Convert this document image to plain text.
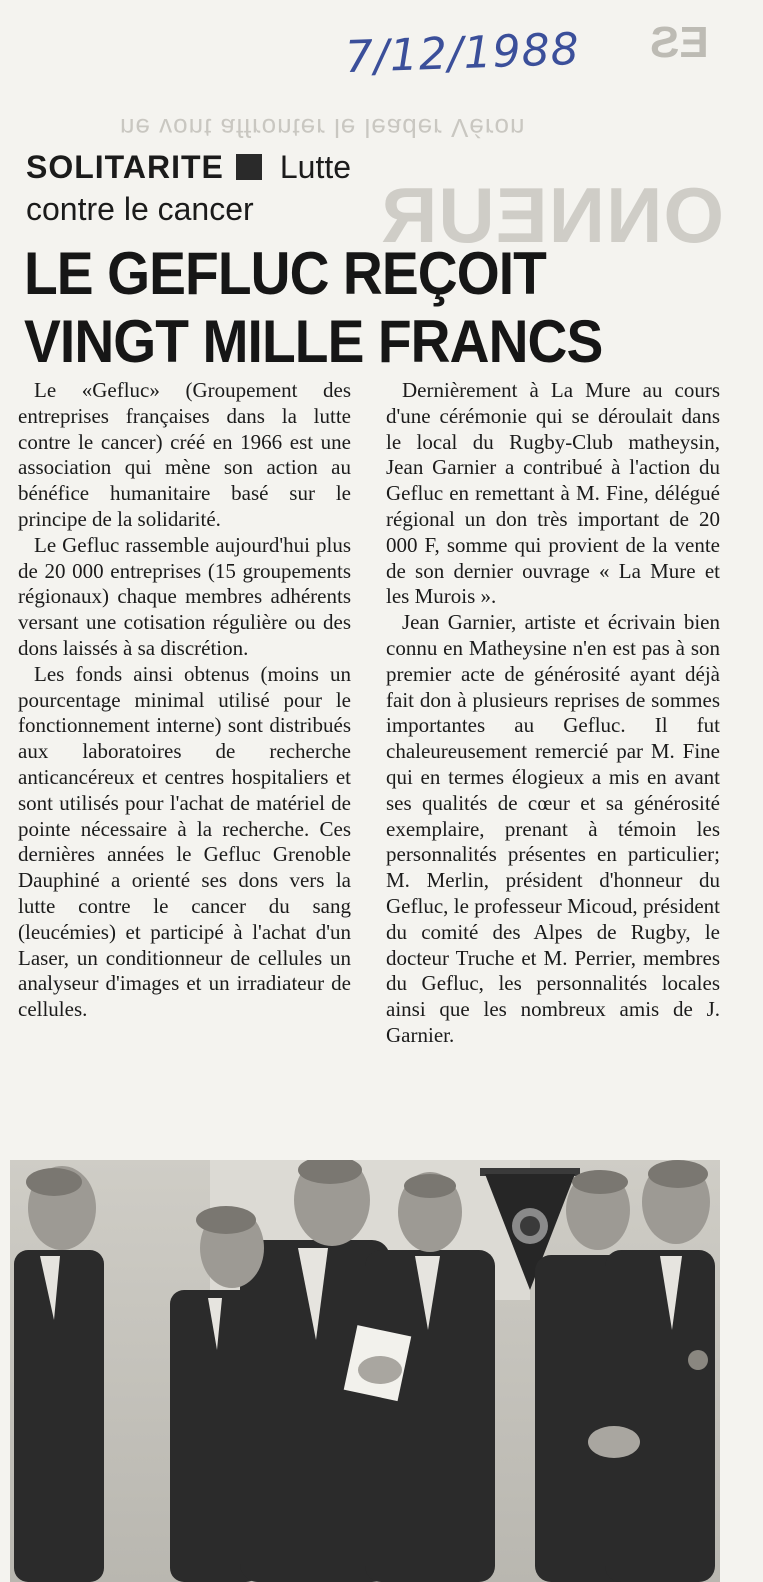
ne vont affronter le leader Véron
ONNEUR
ES
7/12/1988
SOLITARITE Lutte
contre le cancer
LE GEFLUC REÇOIT
VINGT MILLE FRANCS

Le «Gefluc» (Groupement des entreprises françaises dans la lutte contre le cancer) créé en 1966 est une association qui mène son action au bénéfice humanitaire basé sur le principe de la solidarité.

Le Gefluc rassemble aujourd'hui plus de 20 000 entreprises (15 groupements régionaux) chaque membres adhérents versant une cotisation régulière ou des dons laissés à sa discrétion.

Les fonds ainsi obtenus (moins un pourcentage minimal utilisé pour le fonctionnement interne) sont distribués aux laboratoires de recherche anticancéreux et centres hospitaliers et sont utilisés pour l'achat de matériel de pointe nécessaire à la recherche. Ces dernières années le Gefluc Grenoble Dauphiné a orienté ses dons vers la lutte contre le cancer du sang (leucémies) et participé à l'achat d'un Laser, un conditionneur de cellules un analyseur d'images et un irradiateur de cellules.

Dernièrement à La Mure au cours d'une cérémonie qui se déroulait dans le local du Rugby-Club matheysin, Jean Garnier a contribué à l'action du Gefluc en remettant à M. Fine, délégué régional un don très important de 20 000 F, somme qui provient de la vente de son dernier ouvrage « La Mure et les Murois ».

Jean Garnier, artiste et écrivain bien connu en Matheysine n'en est pas à son premier acte de générosité ayant déjà fait don à plusieurs reprises de sommes importantes au Gefluc. Il fut chaleureusement remercié par M. Fine qui en termes élogieux a mis en avant ses qualités de cœur et sa générosité exemplaire, prenant à témoin les personnalités présentes en particulier; M. Merlin, président d'honneur du Gefluc, le professeur Micoud, président du comité des Alpes de Rugby, le docteur Truche et M. Perrier, membres du Gefluc, les personnalités locales ainsi que les nombreux amis de J. Garnier.
